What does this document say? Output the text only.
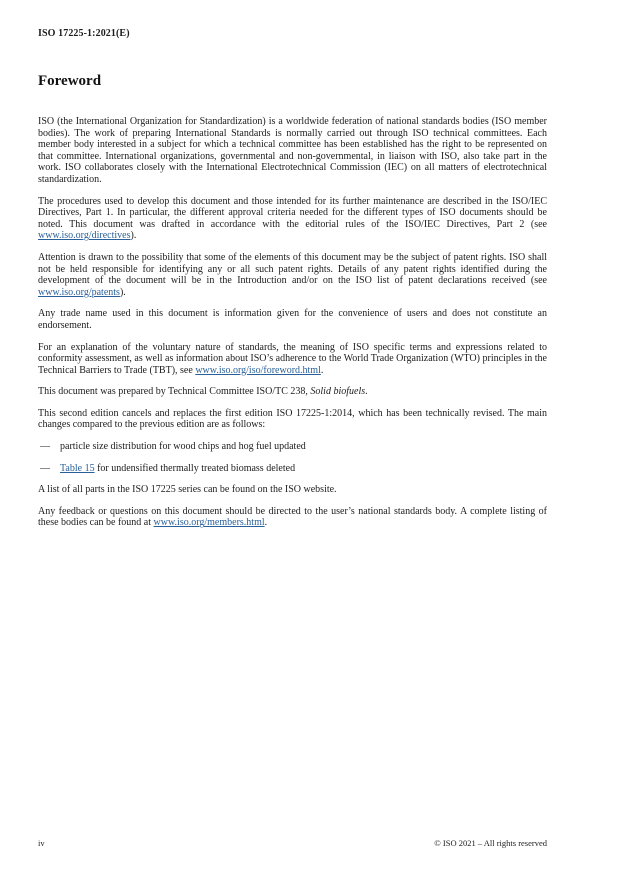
ISO 17225-1:2021(E)
Foreword

ISO (the International Organization for Standardization) is a worldwide federation of national standards bodies (ISO member bodies). The work of preparing International Standards is normally carried out through ISO technical committees. Each member body interested in a subject for which a technical committee has been established has the right to be represented on that committee. International organizations, governmental and non-governmental, in liaison with ISO, also take part in the work. ISO collaborates closely with the International Electrotechnical Commission (IEC) on all matters of electrotechnical standardization.

The procedures used to develop this document and those intended for its further maintenance are described in the ISO/IEC Directives, Part 1. In particular, the different approval criteria needed for the different types of ISO documents should be noted. This document was drafted in accordance with the editorial rules of the ISO/IEC Directives, Part 2 (see www.iso.org/directives).

Attention is drawn to the possibility that some of the elements of this document may be the subject of patent rights. ISO shall not be held responsible for identifying any or all such patent rights. Details of any patent rights identified during the development of the document will be in the Introduction and/or on the ISO list of patent declarations received (see www.iso.org/patents).

Any trade name used in this document is information given for the convenience of users and does not constitute an endorsement.

For an explanation of the voluntary nature of standards, the meaning of ISO specific terms and expressions related to conformity assessment, as well as information about ISO’s adherence to the World Trade Organization (WTO) principles in the Technical Barriers to Trade (TBT), see www.iso.org/iso/foreword.html.

This document was prepared by Technical Committee ISO/TC 238, Solid biofuels.

This second edition cancels and replaces the first edition ISO 17225-1:2014, which has been technically revised. The main changes compared to the previous edition are as follows:

—	particle size distribution for wood chips and hog fuel updated
—	Table 15 for undensified thermally treated biomass deleted

A list of all parts in the ISO 17225 series can be found on the ISO website.

Any feedback or questions on this document should be directed to the user’s national standards body. A complete listing of these bodies can be found at www.iso.org/members.html.

iv	© ISO 2021 – All rights reserved
